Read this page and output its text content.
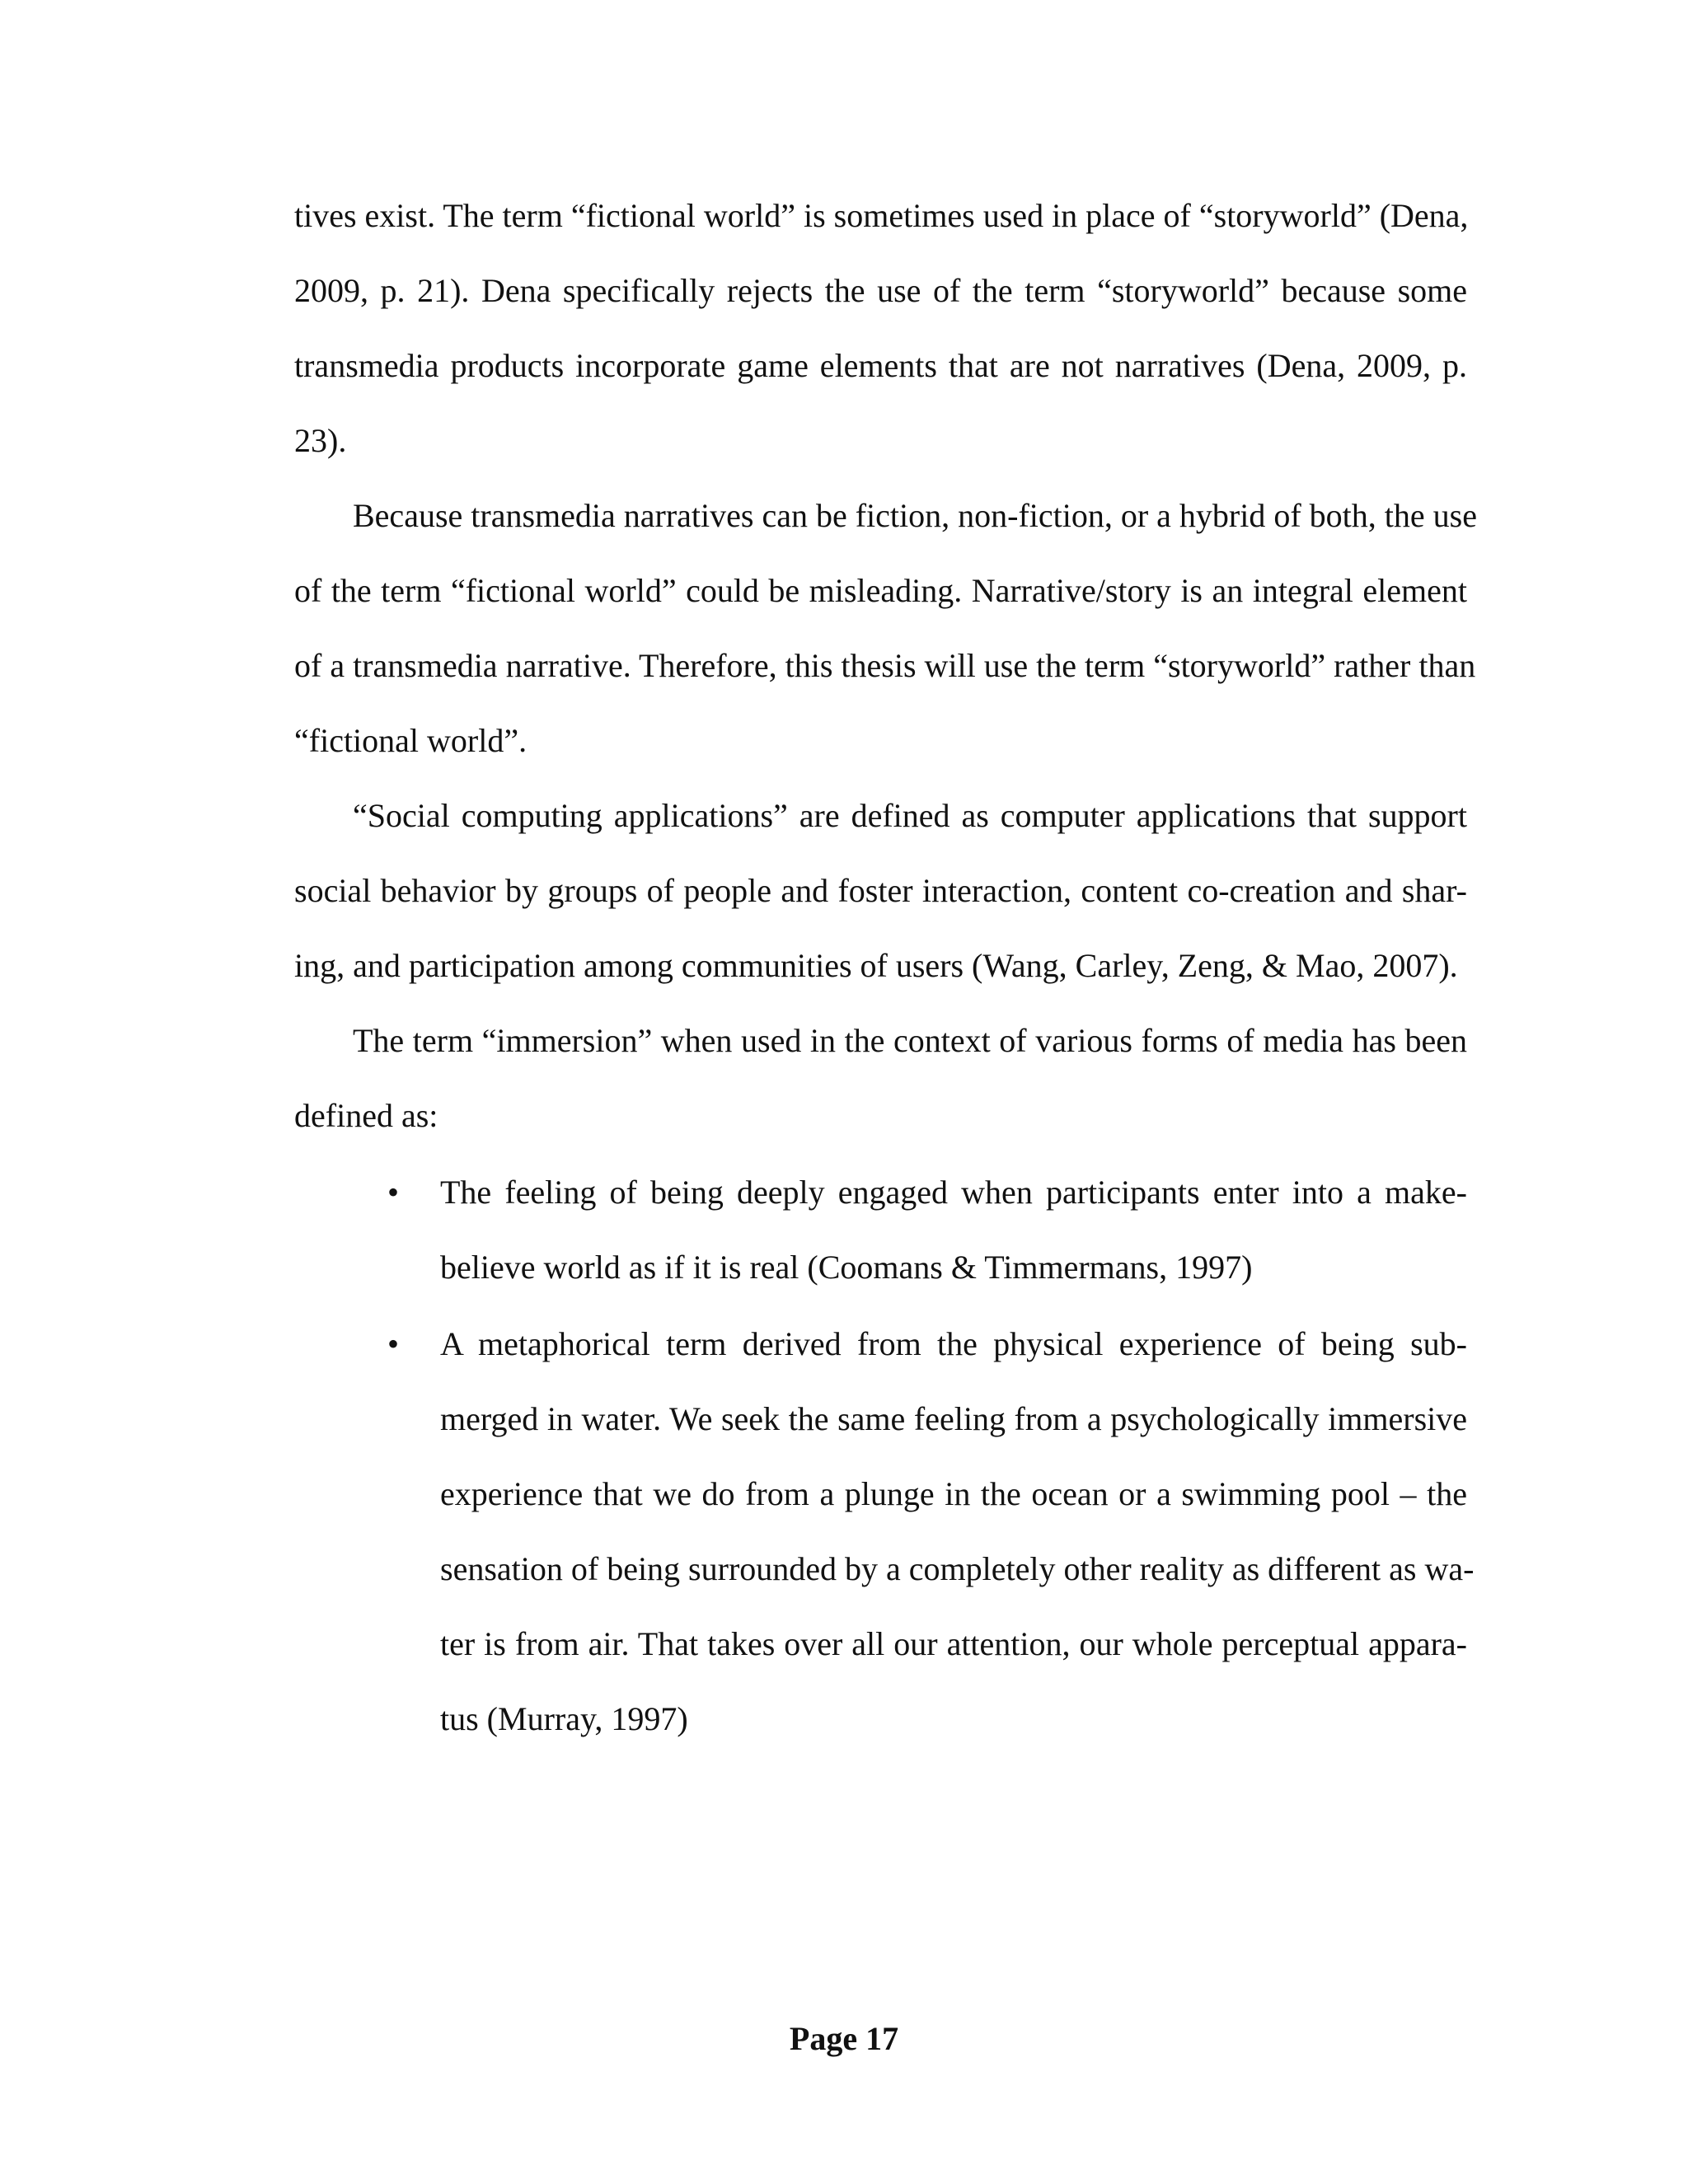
tives exist. The term “fictional world” is sometimes used in place of “storyworld” (Dena,
2009, p. 21). Dena specifically rejects the use of the term “storyworld” because some
transmedia products incorporate game elements that are not narratives (Dena, 2009, p.
23).
Because transmedia narratives can be fiction, non-fiction, or a hybrid of both, the use
of the term “fictional world” could be misleading. Narrative/story is an integral element
of a transmedia narrative. Therefore, this thesis will use the term “storyworld” rather than
“fictional world”.
“Social computing applications” are defined as computer applications that support
social behavior by groups of people and foster interaction, content co-creation and shar-
ing, and participation among communities of users (Wang, Carley, Zeng, & Mao, 2007).
The term “immersion” when used in the context of various forms of media has been
defined as:
•	The feeling of being deeply engaged when participants enter into a make-
believe world as if it is real (Coomans & Timmermans, 1997)
•	A metaphorical term derived from the physical experience of being sub-
merged in water. We seek the same feeling from a psychologically immersive
experience that we do from a plunge in the ocean or a swimming pool – the
sensation of being surrounded by a completely other reality as different as wa-
ter is from air. That takes over all our attention, our whole perceptual appara-
tus (Murray, 1997)
Page 17
